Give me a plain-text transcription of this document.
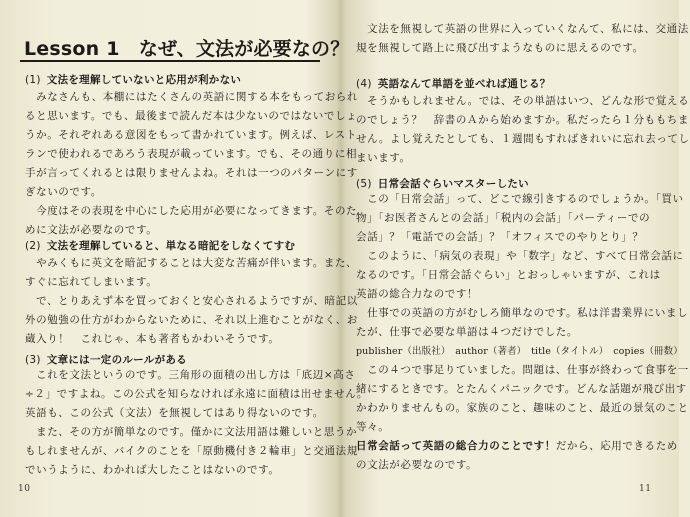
Lesson 1　なぜ、文法が必要なの？
(1) 文法を理解していないと応用が利かない
　みなさんも、本棚にはたくさんの英語に関する本をもっておられ
ると思います。でも、最後まで読んだ本は少ないのではないでしょ
うか。それぞれある意図をもって書かれています。例えば、レスト
ランで使われるであろう表現が載っています。でも、その通りに相
手が言ってくれるとは限りませんよね。それは一つのパターンにす
ぎないのです。
　今度はその表現を中心にした応用が必要になってきます。そのた
めに文法が必要なのです。
(2) 文法を理解していると、単なる暗記をしなくてすむ
　やみくもに英文を暗記することは大変な苦痛が伴います。また、
すぐに忘れてしまいます。
　で、とりあえず本を買っておくと安心されるようですが、暗記以
外の勉強の仕方がわからないために、それ以上進むことがなく、お
蔵入り！　これじゃ、本も著者もかわいそうです。
(3) 文章には一定のルールがある
　これを文法というのです。三角形の面積の出し方は「底辺×高さ
÷２」ですよね。この公式を知らなければ永遠に面積は出せません。
英語も、この公式（文法）を無視してはあり得ないのです。
　また、その方が簡単なのです。僅かに文法用語は難しいと思うか
もしれませんが、バイクのことを「原動機付き２輪車」と交通法規
でいうように、わかれば大したことはないのです。
10
　文法を無視して英語の世界に入っていくなんて、私には、交通法
規を無視して路上に飛び出すようなものに思えるのです。
(4) 英語なんて単語を並べれば通じる？
　そうかもしれません。では、その単語はいつ、どんな形で覚える
のでしょう？　辞書のＡから始めますか。私だったら１分ももちま
せん。よし覚えたとしても、１週間もすればきれいに忘れ去ってし
まいます。
(5) 日常会話ぐらいマスターしたい
　この「日常会話」って、どこで線引きするのでしょうか。「買い
物」「お医者さんとの会話」「税内の会話」「パーティーでの
会話」？「電話での会話」？「オフィスでのやりとり」？
　このように、「病気の表現」や「数字」など、すべて日常会話に
なるのです。「日常会話ぐらい」とおっしゃいますが、これは
英語の総合力なのです！
　仕事での英語の方がむしろ簡単なのです。私は洋書業界にいまし
たが、仕事で必要な単語は４つだけでした。
publisher（出版社）　author（著者）　title（タイトル）　copies（冊数）
　この４つで事足りていました。問題は、仕事が終わって食事を一
緒にするときです。とたんくパニックです。どんな話題が飛び出す
かわかりませんもの。家族のこと、趣味のこと、最近の景気のこと
等々。
日常会話って英語の総合力のことです！だから、応用できるため
の文法が必要なのです。
11
